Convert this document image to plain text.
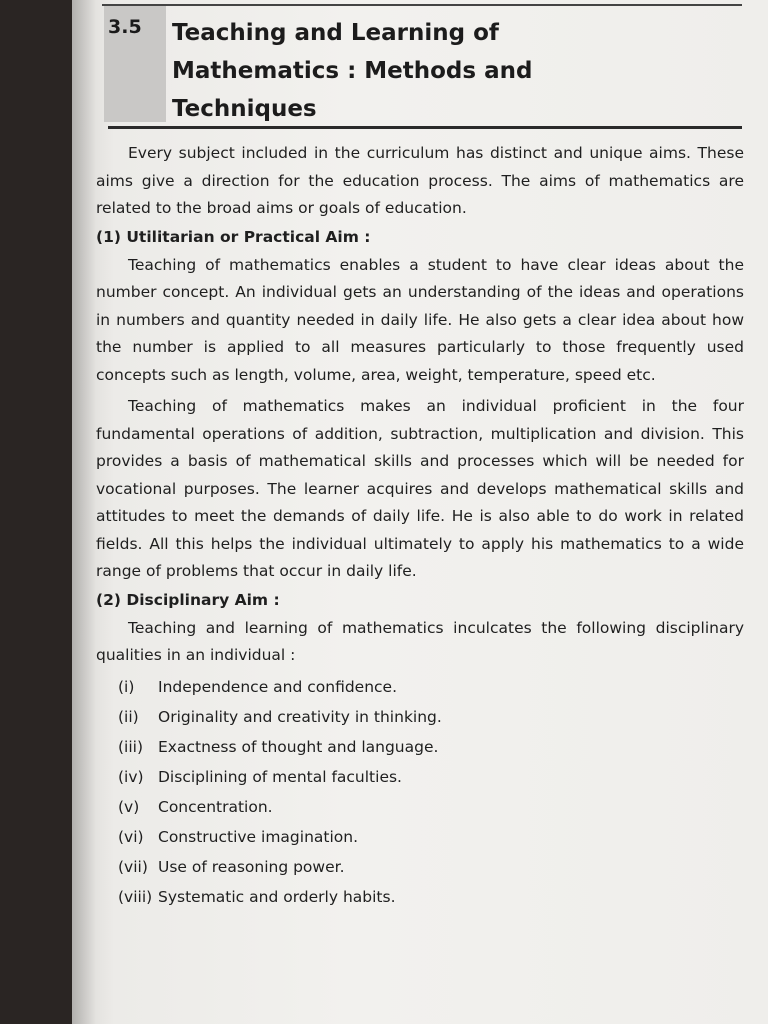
3.5 Teaching and Learning of
Mathematics : Methods and
Techniques

Every subject included in the curriculum has distinct and unique aims. These aims give a direction for the education process. The aims of mathematics are related to the broad aims or goals of education.

(1) Utilitarian or Practical Aim :

Teaching of mathematics enables a student to have clear ideas about the number concept. An individual gets an understanding of the ideas and operations in numbers and quantity needed in daily life. He also gets a clear idea about how the number is applied to all measures particularly to those frequently used concepts such as length, volume, area, weight, temperature, speed etc.

Teaching of mathematics makes an individual proficient in the four fundamental operations of addition, subtraction, multiplication and division. This provides a basis of mathematical skills and processes which will be needed for vocational purposes. The learner acquires and develops mathematical skills and attitudes to meet the demands of daily life. He is also able to do work in related fields. All this helps the individual ultimately to apply his mathematics to a wide range of problems that occur in daily life.

(2) Disciplinary Aim :

Teaching and learning of mathematics inculcates the following disciplinary qualities in an individual :

(i)	Independence and confidence.
(ii)	Originality and creativity in thinking.
(iii) Exactness of thought and language.
(iv) Disciplining of mental faculties.
(v)	Concentration.
(vi) Constructive imagination.
(vii) Use of reasoning power.
(viii) Systematic and orderly habits.
